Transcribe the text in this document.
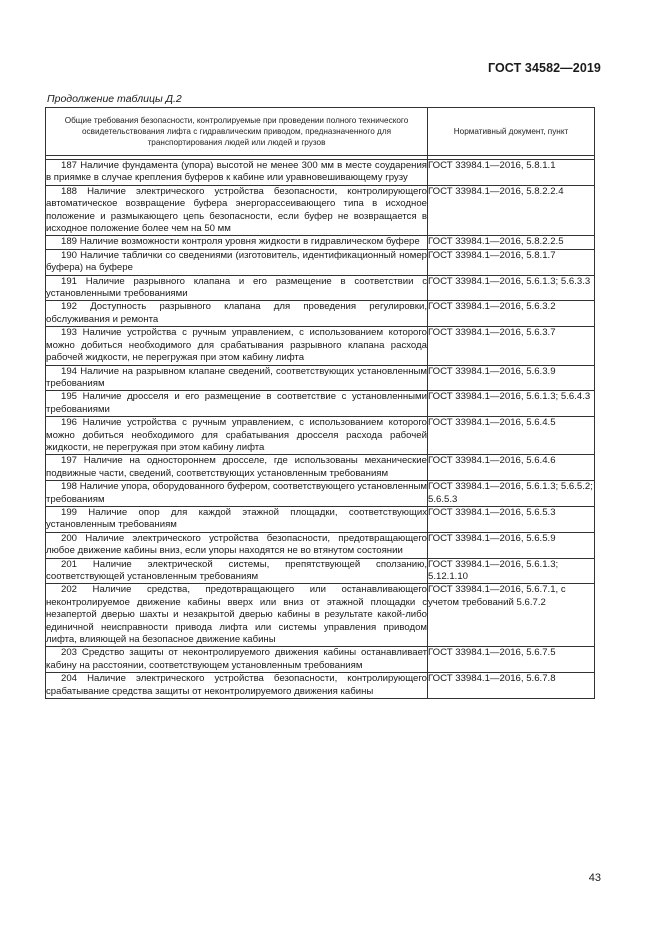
ГОСТ 34582—2019
Продолжение таблицы Д.2
Общие требования безопасности, контролируемые при проведении полного технического освидетельствования лифта с гидравлическим приводом, предназначенного для транспортирования людей или людей и грузов	Нормативный документ, пункт

187 Наличие фундамента (упора) высотой не менее 300 мм в месте соударения в приямке в случае крепления буферов к кабине или уравновешивающему грузу	ГОСТ 33984.1—2016, 5.8.1.1
188 Наличие электрического устройства безопасности, контролирующего автоматическое возвращение буфера энергорассеивающего типа в исходное положение и размыкающего цепь безопасности, если буфер не возвращается в исходное положение более чем на 50 мм	ГОСТ 33984.1—2016, 5.8.2.2.4
189 Наличие возможности контроля уровня жидкости в гидравлическом буфере	ГОСТ 33984.1—2016, 5.8.2.2.5
190 Наличие таблички со сведениями (изготовитель, идентификационный номер буфера) на буфере	ГОСТ 33984.1—2016, 5.8.1.7
191 Наличие разрывного клапана и его размещение в соответствии с установленными требованиями	ГОСТ 33984.1—2016, 5.6.1.3; 5.6.3.3
192 Доступность разрывного клапана для проведения регулировки, обслуживания и ремонта	ГОСТ 33984.1—2016, 5.6.3.2
193 Наличие устройства с ручным управлением, с использованием которого можно добиться необходимого для срабатывания разрывного клапана расхода рабочей жидкости, не перегружая при этом кабину лифта	ГОСТ 33984.1—2016, 5.6.3.7
194 Наличие на разрывном клапане сведений, соответствующих установленным требованиям	ГОСТ 33984.1—2016, 5.6.3.9
195 Наличие дросселя и его размещение в соответствие с установленными требованиями	ГОСТ 33984.1—2016, 5.6.1.3; 5.6.4.3
196 Наличие устройства с ручным управлением, с использованием которого можно добиться необходимого для срабатывания дросселя расхода рабочей жидкости, не перегружая при этом кабину лифта	ГОСТ 33984.1—2016, 5.6.4.5
197 Наличие на одностороннем дросселе, где использованы механические подвижные части, сведений, соответствующих установленным требованиям	ГОСТ 33984.1—2016, 5.6.4.6
198 Наличие упора, оборудованного буфером, соответствующего установленным требованиям	ГОСТ 33984.1—2016, 5.6.1.3; 5.6.5.2; 5.6.5.3
199 Наличие опор для каждой этажной площадки, соответствующих установленным требованиям	ГОСТ 33984.1—2016, 5.6.5.3
200 Наличие электрического устройства безопасности, предотвращающего любое движение кабины вниз, если упоры находятся не во втянутом состоянии	ГОСТ 33984.1—2016, 5.6.5.9
201 Наличие электрической системы, препятствующей сползанию, соответствующей установленным требованиям	ГОСТ 33984.1—2016, 5.6.1.3; 5.12.1.10
202 Наличие средства, предотвращающего или останавливающего неконтролируемое движение кабины вверх или вниз от этажной площадки с незапертой дверью шахты и незакрытой дверью кабины в результате какой-либо единичной неисправности привода лифта или системы управления приводом лифта, влияющей на безопасное движение кабины	ГОСТ 33984.1—2016, 5.6.7.1, с учетом требований 5.6.7.2
203 Средство защиты от неконтролируемого движения кабины останавливает кабину на расстоянии, соответствующем установленным требованиям	ГОСТ 33984.1—2016, 5.6.7.5
204 Наличие электрического устройства безопасности, контролирующего срабатывание средства защиты от неконтролируемого движения кабины	ГОСТ 33984.1—2016, 5.6.7.8
43
